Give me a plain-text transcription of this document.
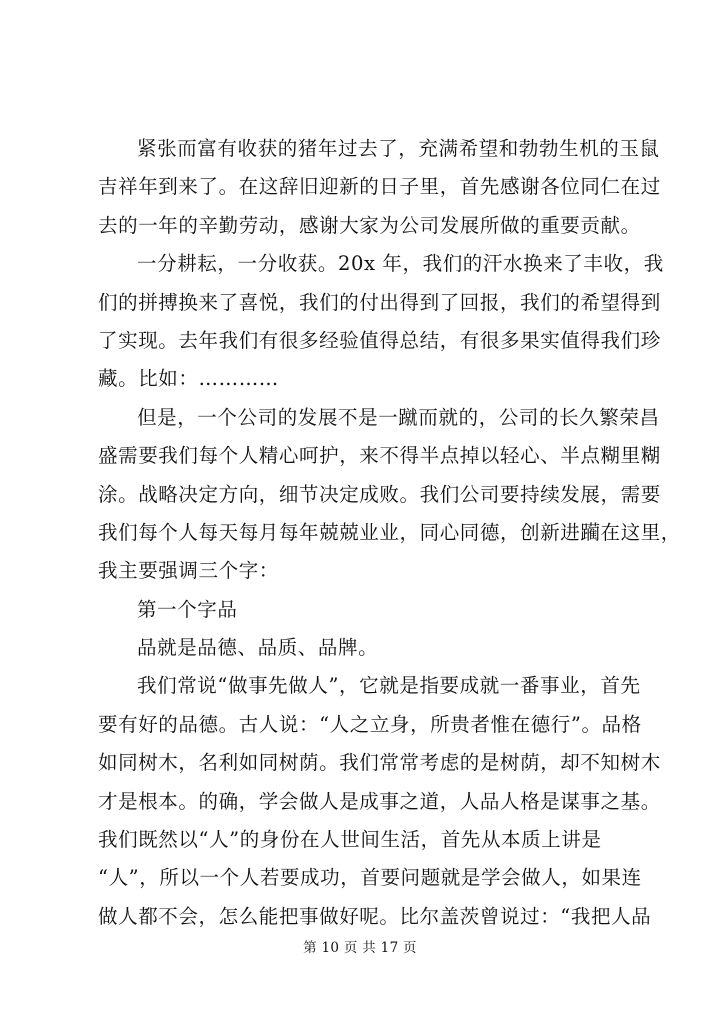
紧张而富有收获的猪年过去了，充满希望和勃勃生机的玉鼠
吉祥年到来了。在这辞旧迎新的日子里，首先感谢各位同仁在过
去的一年的辛勤劳动，感谢大家为公司发展所做的重要贡献。
一分耕耘，一分收获。20x 年，我们的汗水换来了丰收，我
们的拼搏换来了喜悦，我们的付出得到了回报，我们的希望得到
了实现。去年我们有很多经验值得总结，有很多果实值得我们珍
藏。比如：…………
但是，一个公司的发展不是一蹴而就的，公司的长久繁荣昌
盛需要我们每个人精心呵护，来不得半点掉以轻心、半点糊里糊
涂。战略决定方向，细节决定成败。我们公司要持续发展，需要
我们每个人每天每月每年兢兢业业，同心同德，创新进躏在这里，
我主要强调三个字：
第一个字品
品就是品德、品质、品牌。
我们常说“做事先做人”，它就是指要成就一番事业，首先
要有好的品德。古人说：“人之立身，所贵者惟在德行”。品格
如同树木，名利如同树荫。我们常常考虑的是树荫，却不知树木
才是根本。的确，学会做人是成事之道，人品人格是谋事之基。
我们既然以“人”的身份在人世间生活，首先从本质上讲是
“人”，所以一个人若要成功，首要问题就是学会做人，如果连
做人都不会，怎么能把事做好呢。比尔盖茨曾说过：“我把人品
第 10 页 共 17 页
